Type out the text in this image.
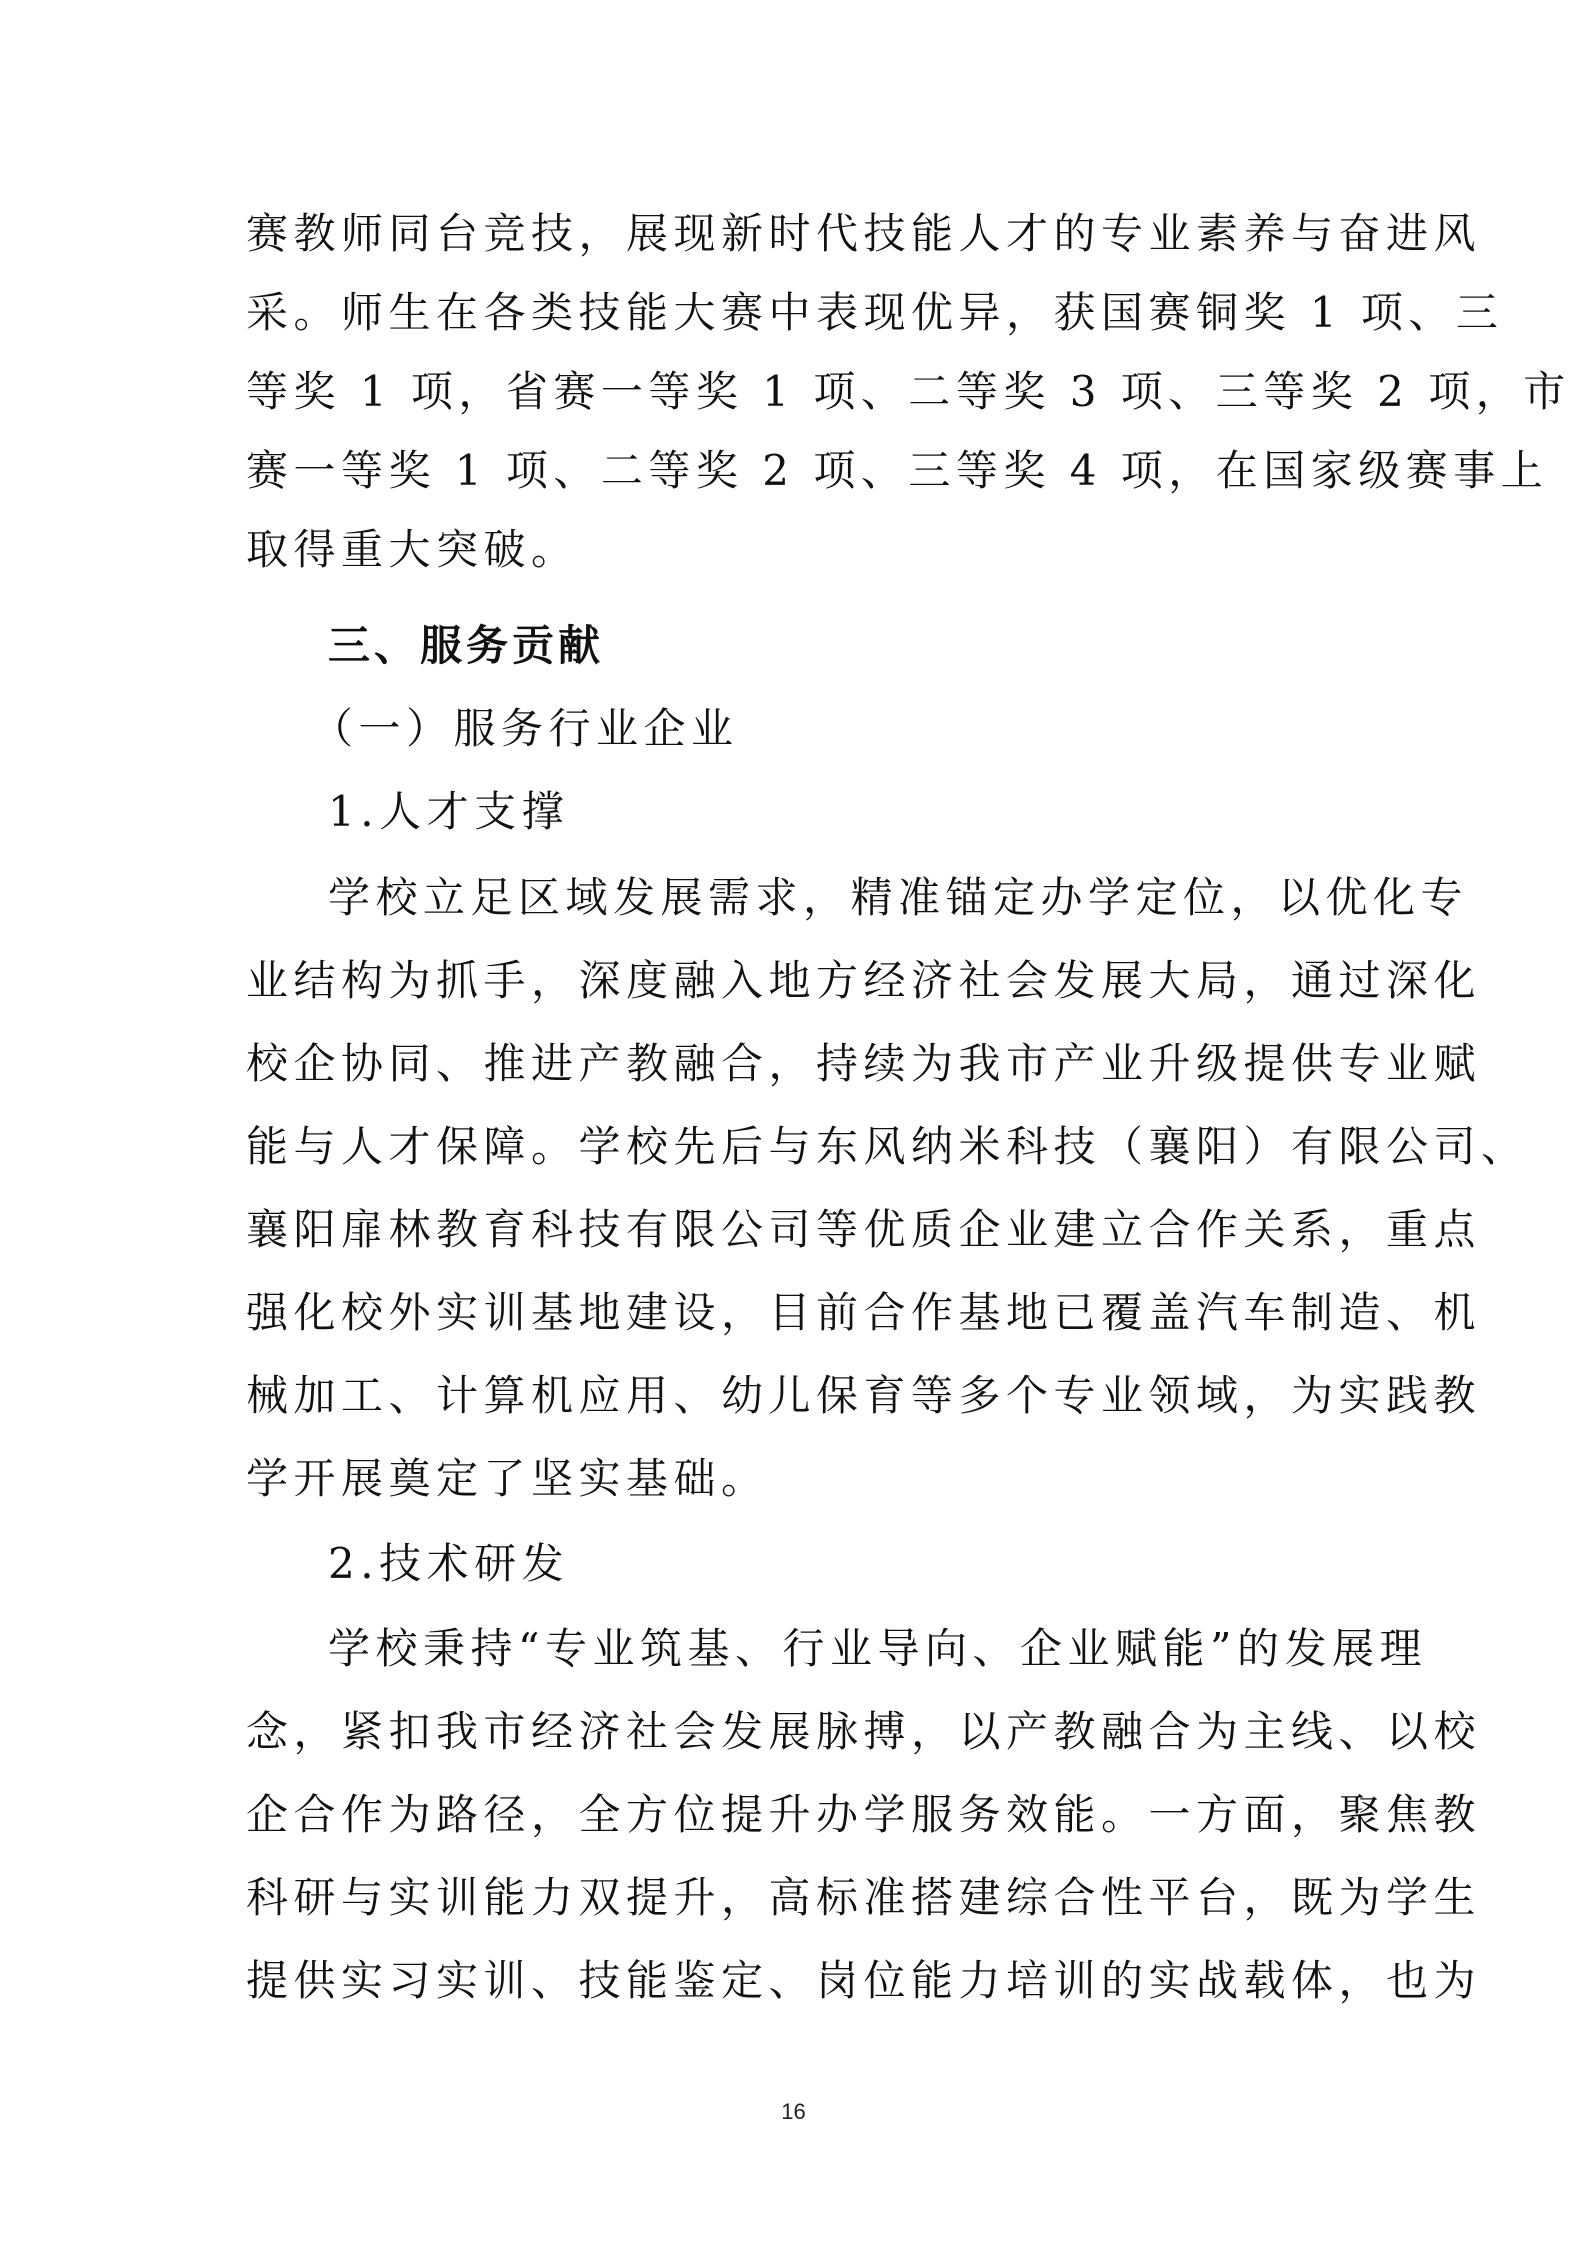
赛教师同台竞技，展现新时代技能人才的专业素养与奋进风
采。师生在各类技能大赛中表现优异，获国赛铜奖 1 项、三
等奖 1 项，省赛一等奖 1 项、二等奖 3 项、三等奖 2 项，市
赛一等奖 1 项、二等奖 2 项、三等奖 4 项，在国家级赛事上
取得重大突破。
三、服务贡献
（一）服务行业企业
1.人才支撑
学校立足区域发展需求，精准锚定办学定位，以优化专
业结构为抓手，深度融入地方经济社会发展大局，通过深化
校企协同、推进产教融合，持续为我市产业升级提供专业赋
能与人才保障。学校先后与东风纳米科技（襄阳）有限公司、
襄阳扉林教育科技有限公司等优质企业建立合作关系，重点
强化校外实训基地建设，目前合作基地已覆盖汽车制造、机
械加工、计算机应用、幼儿保育等多个专业领域，为实践教
学开展奠定了坚实基础。
2.技术研发
学校秉持“专业筑基、行业导向、企业赋能”的发展理
念，紧扣我市经济社会发展脉搏，以产教融合为主线、以校
企合作为路径，全方位提升办学服务效能。一方面，聚焦教
科研与实训能力双提升，高标准搭建综合性平台，既为学生
提供实习实训、技能鉴定、岗位能力培训的实战载体，也为
16
